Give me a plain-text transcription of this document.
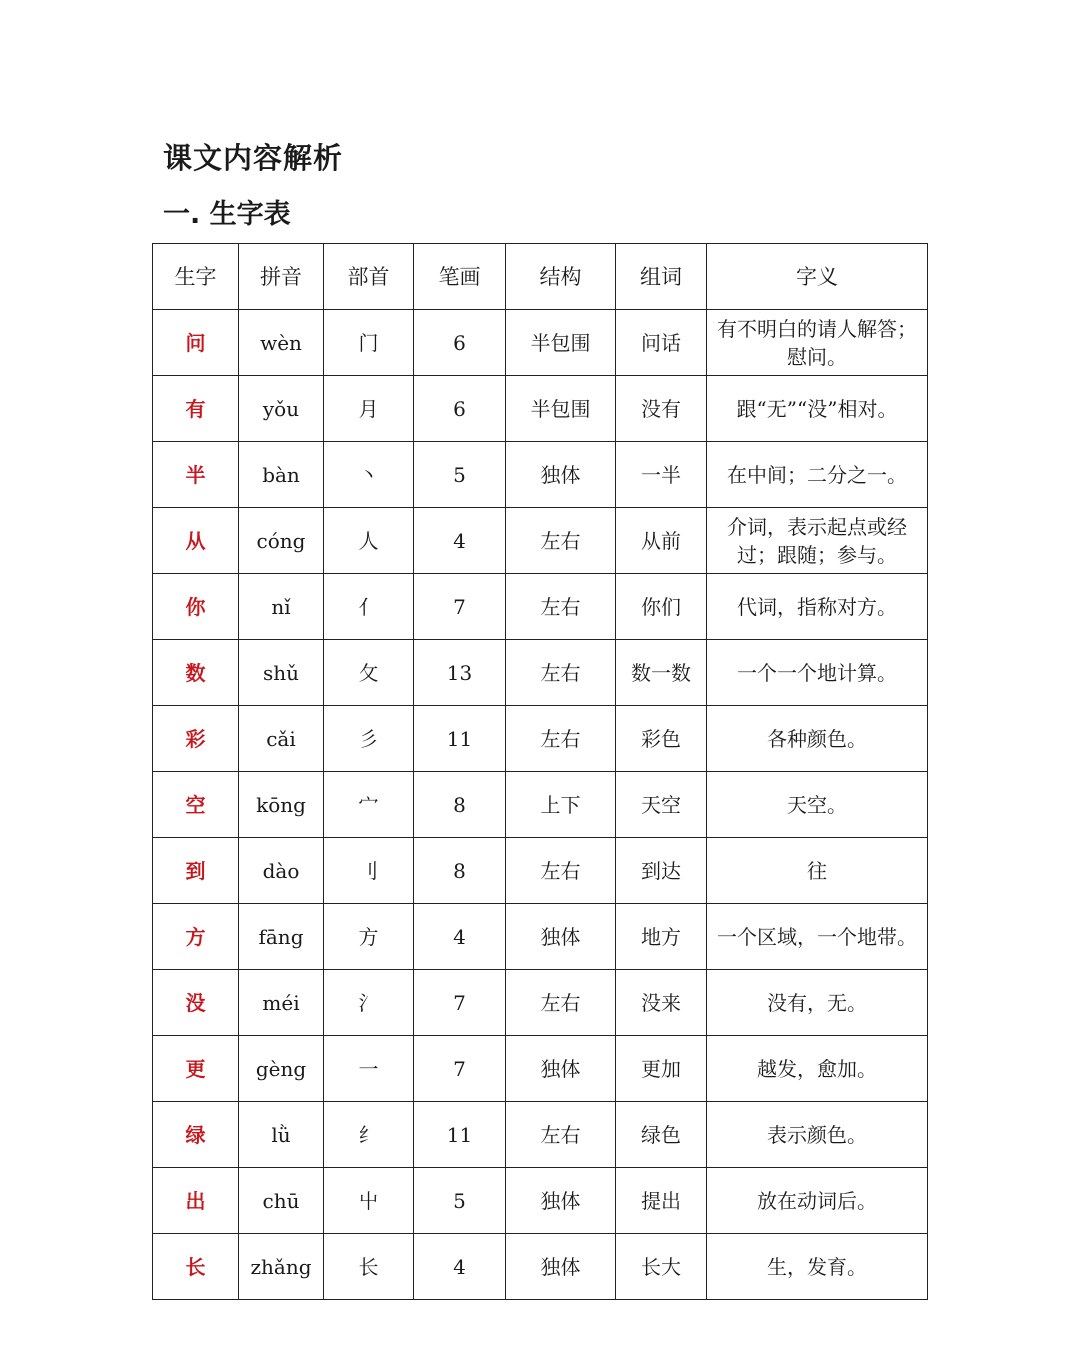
课文内容解析
一. 生字表
生字	拼音	部首	笔画	结构	组词	字义
问	wèn	门	6	半包围	问话	有不明白的请人解答；慰问。
有	yǒu	月	6	半包围	没有	跟“无”“没”相对。
半	bàn	丶	5	独体	一半	在中间；二分之一。
从	cóng	人	4	左右	从前	介词，表示起点或经过；跟随；参与。
你	nǐ	亻	7	左右	你们	代词，指称对方。
数	shǔ	攵	13	左右	数一数	一个一个地计算。
彩	cǎi	彡	11	左右	彩色	各种颜色。
空	kōng	宀	8	上下	天空	天空。
到	dào	刂	8	左右	到达	往
方	fāng	方	4	独体	地方	一个区域，一个地带。
没	méi	氵	7	左右	没来	没有，无。
更	gèng	一	7	独体	更加	越发，愈加。
绿	lǜ	纟	11	左右	绿色	表示颜色。
出	chū	屮	5	独体	提出	放在动词后。
长	zhǎng	长	4	独体	长大	生，发育。
